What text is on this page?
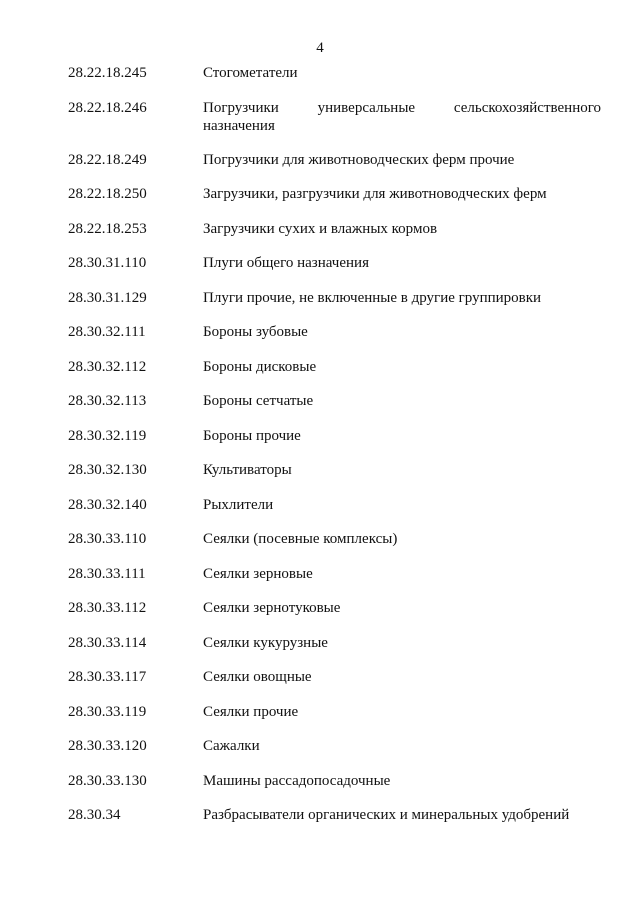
4
28.22.18.245	Стогометатели
28.22.18.246	Погрузчики универсальные сельскохозяйственного назначения
28.22.18.249	Погрузчики для животноводческих ферм прочие
28.22.18.250	Загрузчики, разгрузчики для животноводческих ферм
28.22.18.253	Загрузчики сухих и влажных кормов
28.30.31.110	Плуги общего назначения
28.30.31.129	Плуги прочие, не включенные в другие группировки
28.30.32.111	Бороны зубовые
28.30.32.112	Бороны дисковые
28.30.32.113	Бороны сетчатые
28.30.32.119	Бороны прочие
28.30.32.130	Культиваторы
28.30.32.140	Рыхлители
28.30.33.110	Сеялки (посевные комплексы)
28.30.33.111	Сеялки зерновые
28.30.33.112	Сеялки зернотуковые
28.30.33.114	Сеялки кукурузные
28.30.33.117	Сеялки овощные
28.30.33.119	Сеялки прочие
28.30.33.120	Сажалки
28.30.33.130	Машины рассадопосадочные
28.30.34	Разбрасыватели органических и минеральных удобрений
